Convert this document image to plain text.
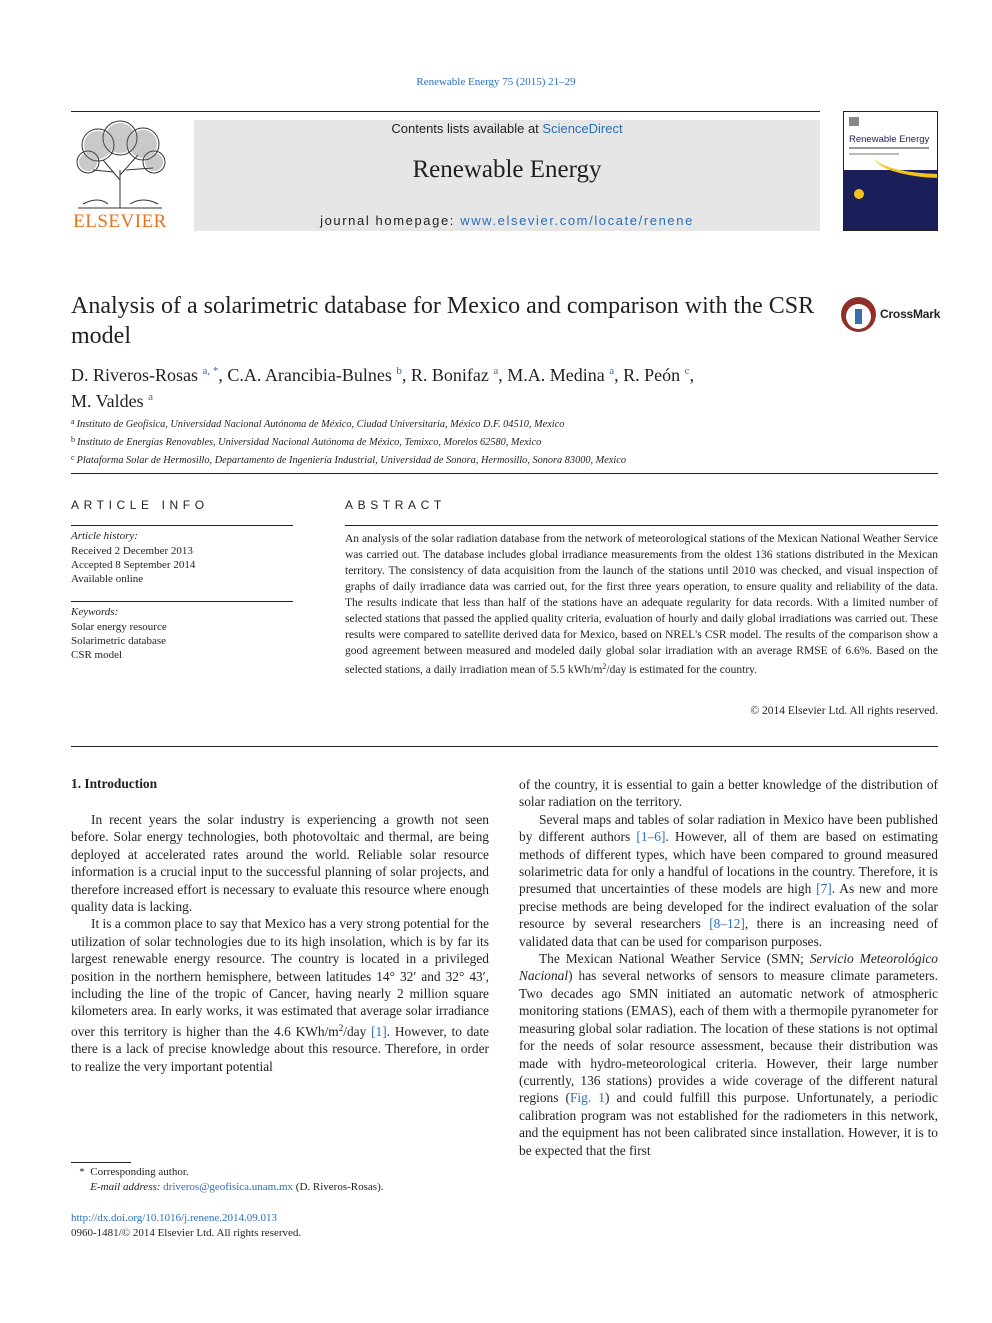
Renewable Energy 75 (2015) 21–29
ELSEVIER
Contents lists available at ScienceDirect
Renewable Energy
journal homepage: www.elsevier.com/locate/renene
Renewable Energy
Analysis of a solarimetric database for Mexico and comparison with the CSR model
CrossMark
D. Riveros-Rosas $^{a, *}$, C.A. Arancibia-Bulnes $^b$, R. Bonifaz $^a$, M.A. Medina $^a$, R. Peón $^c$,
M. Valdes $^a$
$^a$ Instituto de Geofísica, Universidad Nacional Autónoma de México, Ciudad Universitaria, México D.F. 04510, Mexico
$^b$ Instituto de Energías Renovables, Universidad Nacional Autónoma de México, Temixco, Morelos 62580, Mexico
$^c$ Plataforma Solar de Hermosillo, Departamento de Ingeniería Industrial, Universidad de Sonora, Hermosillo, Sonora 83000, Mexico
ARTICLE INFO
Article history:
Received 2 December 2013
Accepted 8 September 2014
Available online
Keywords:
Solar energy resource
Solarimetric database
CSR model
ABSTRACT
An analysis of the solar radiation database from the network of meteorological stations of the Mexican National Weather Service was carried out. The database includes global irradiance measurements from the oldest 136 stations distributed in the Mexican territory. The consistency of data acquisition from the launch of the stations until 2010 was checked, and visual inspection of graphs of daily irradiance data was carried out, for the first three years operation, to ensure quality and reliability of the data. The results indicate that less than half of the stations have an adequate regularity for data records. With a limited number of selected stations that passed the applied quality criteria, evaluation of hourly and daily global irradiations was carried out. These results were compared to satellite derived data for Mexico, based on NREL's CSR model. The results of the comparison show a good agreement between measured and modeled daily global solar irradiation with an average RMSE of 6.6%. Based on the selected stations, a daily irradiation mean of 5.5 kWh/$m^2$/day is estimated for the country.
© 2014 Elsevier Ltd. All rights reserved.
1. Introduction

In recent years the solar industry is experiencing a growth not seen before. Solar energy technologies, both photovoltaic and thermal, are being deployed at accelerated rates around the world. Reliable solar resource information is a crucial input to the successful planning of solar projects, and therefore increased effort is necessary to evaluate this resource where enough quality data is lacking.

It is a common place to say that Mexico has a very strong potential for the utilization of solar technologies due to its high insolation, which is by far its largest renewable energy resource. The country is located in a privileged position in the northern hemisphere, between latitudes 14° 32′ and 32° 43′, including the line of the tropic of Cancer, having nearly 2 million square kilometers area. In early works, it was estimated that average solar irradiance over this territory is higher than the 4.6 KWh/$m^2$/day [1]. However, to date there is a lack of precise knowledge about this resource. Therefore, in order to realize the very important potential

of the country, it is essential to gain a better knowledge of the distribution of solar radiation on the territory.

Several maps and tables of solar radiation in Mexico have been published by different authors [1–6]. However, all of them are based on estimating methods of different types, which have been compared to ground measured solarimetric data for only a handful of locations in the country. Therefore, it is presumed that uncertainties of these models are high [7]. As new and more precise methods are being developed for the indirect evaluation of the solar resource by several researchers [8–12], there is an increasing need of validated data that can be used for comparison purposes.

The Mexican National Weather Service (SMN; Servicio Meteorológico Nacional) has several networks of sensors to measure climate parameters. Two decades ago SMN initiated an automatic network of atmospheric monitoring stations (EMAS), each of them with a thermopile pyranometer for measuring global solar radiation. The location of these stations is not optimal for the needs of solar resource assessment, because their distribution was made with hydro-meteorological criteria. However, their large number (currently, 136 stations) provides a wide coverage of the different natural regions (Fig. 1) and could fulfill this purpose. Unfortunately, a periodic calibration program was not established for the radiometers in this network, and the equipment has not been calibrated since installation. However, it is to be expected that the first

* Corresponding author.
E-mail address: driveros@geofisica.unam.mx (D. Riveros-Rosas).
http://dx.doi.org/10.1016/j.renene.2014.09.013
0960-1481/© 2014 Elsevier Ltd. All rights reserved.
